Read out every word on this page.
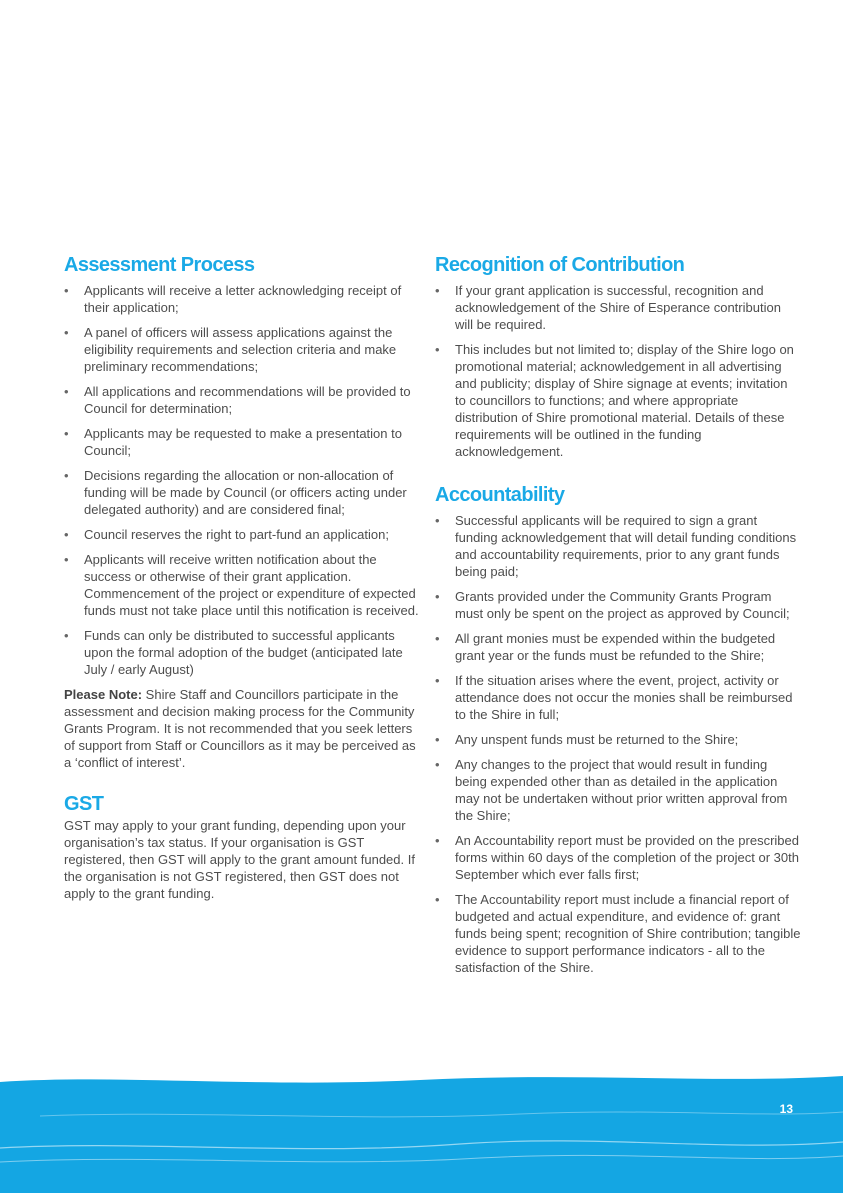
Assessment Process
• Applicants will receive a letter acknowledging receipt of their application;
• A panel of officers will assess applications against the eligibility requirements and selection criteria and make preliminary recommendations;
• All applications and recommendations will be provided to Council for determination;
• Applicants may be requested to make a presentation to Council;
• Decisions regarding the allocation or non-allocation of funding will be made by Council (or officers acting under delegated authority) and are considered final;
• Council reserves the right to part-fund an application;
• Applicants will receive written notification about the success or otherwise of their grant application. Commencement of the project or expenditure of expected funds must not take place until this notification is received.
• Funds can only be distributed to successful applicants upon the formal adoption of the budget (anticipated late July / early August)

Please Note: Shire Staff and Councillors participate in the assessment and decision making process for the Community Grants Program. It is not recommended that you seek letters of support from Staff or Councillors as it may be perceived as a ‘conflict of interest’.

GST

GST may apply to your grant funding, depending upon your organisation’s tax status. If your organisation is GST registered, then GST will apply to the grant amount funded. If the organisation is not GST registered, then GST does not apply to the grant funding.

Recognition of Contribution
• If your grant application is successful, recognition and acknowledgement of the Shire of Esperance contribution will be required.
• This includes but not limited to; display of the Shire logo on promotional material; acknowledgement in all advertising and publicity; display of Shire signage at events; invitation to councillors to functions; and where appropriate distribution of Shire promotional material. Details of these requirements will be outlined in the funding acknowledgement.
Accountability
• Successful applicants will be required to sign a grant funding acknowledgement that will detail funding conditions and accountability requirements, prior to any grant funds being paid;
• Grants provided under the Community Grants Program must only be spent on the project as approved by Council;
• All grant monies must be expended within the budgeted grant year or the funds must be refunded to the Shire;
• If the situation arises where the event, project, activity or attendance does not occur the monies shall be reimbursed to the Shire in full;
• Any unspent funds must be returned to the Shire;
• Any changes to the project that would result in funding being expended other than as detailed in the application may not be undertaken without prior written approval from the Shire;
• An Accountability report must be provided on the prescribed forms within 60 days of the completion of the project or 30th September which ever falls first;
• The Accountability report must include a financial report of budgeted and actual expenditure, and evidence of: grant funds being spent; recognition of Shire contribution; tangible evidence to support performance indicators - all to the satisfaction of the Shire.
13
